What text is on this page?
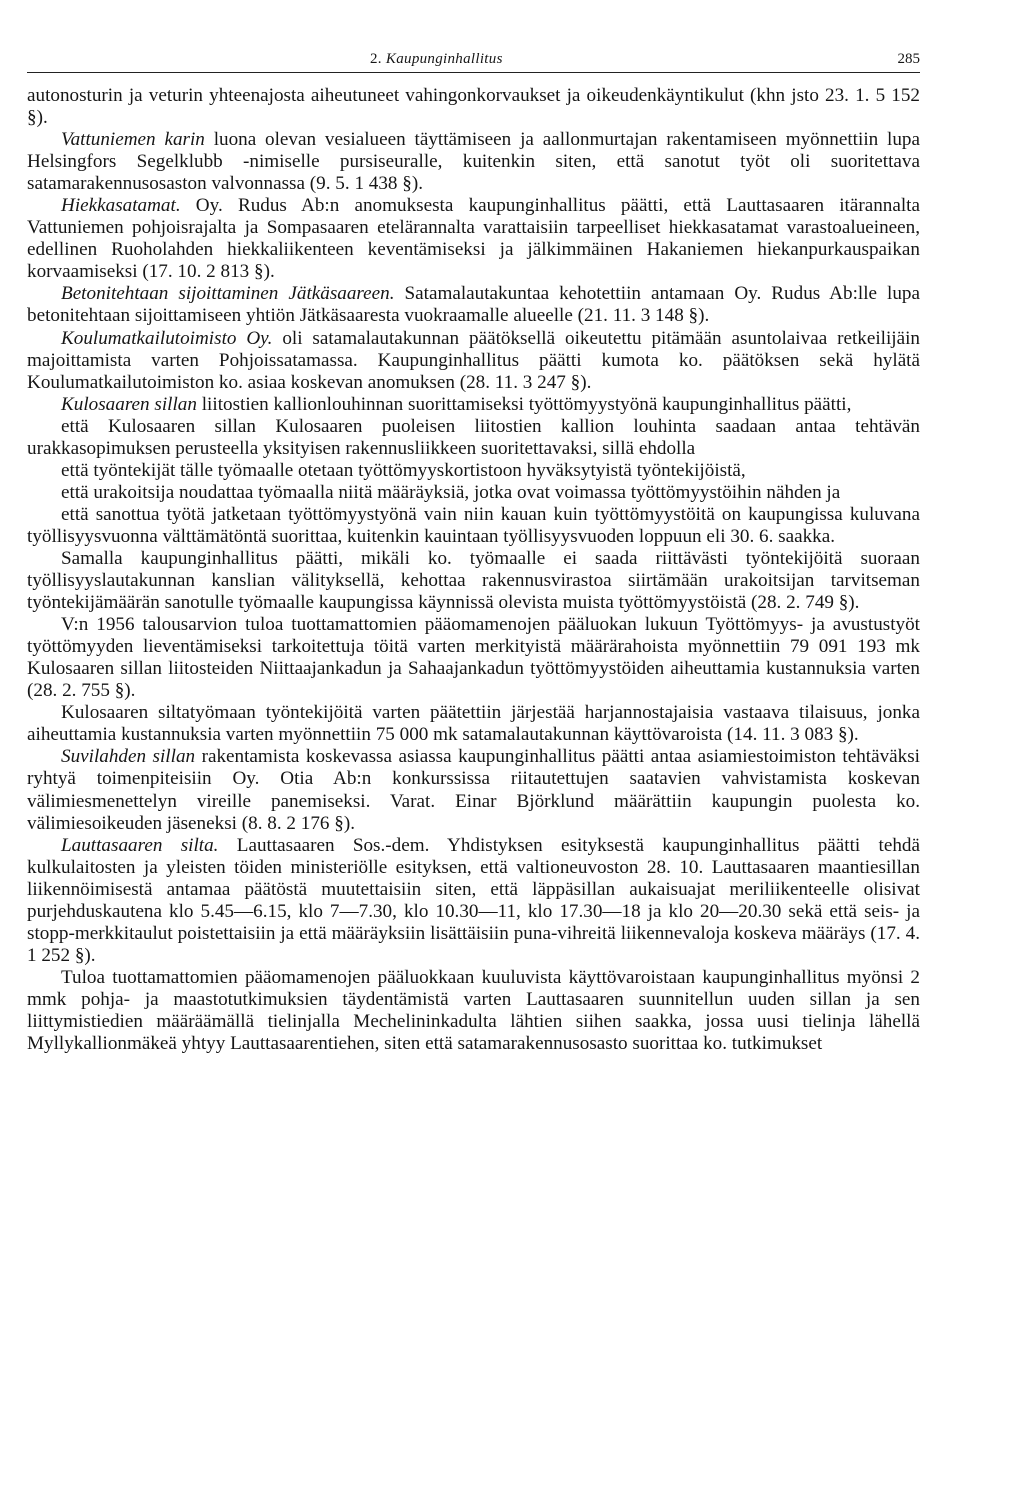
2. Kaupunginhallitus	285

autonosturin ja veturin yhteenajosta aiheutuneet vahingonkorvaukset ja oikeudenkäyntikulut (khn jsto 23. 1. 5 152 §).

Vattuniemen karin luona olevan vesialueen täyttämiseen ja aallonmurtajan rakentamiseen myönnettiin lupa Helsingfors Segelklubb -nimiselle pursiseuralle, kuitenkin siten, että sanotut työt oli suoritettava satamarakennusosaston valvonnassa (9. 5. 1 438 §).

Hiekkasatamat. Oy. Rudus Ab:n anomuksesta kaupunginhallitus päätti, että Lauttasaaren itärannalta Vattuniemen pohjoisrajalta ja Sompasaaren etelärannalta varattaisiin tarpeelliset hiekkasatamat varastoalueineen, edellinen Ruoholahden hiekkaliikenteen keventämiseksi ja jälkimmäinen Hakaniemen hiekanpurkauspaikan korvaamiseksi (17. 10. 2 813 §).

Betonitehtaan sijoittaminen Jätkäsaareen. Satamalautakuntaa kehotettiin antamaan Oy. Rudus Ab:lle lupa betonitehtaan sijoittamiseen yhtiön Jätkäsaaresta vuokraamalle alueelle (21. 11. 3 148 §).

Koulumatkailutoimisto Oy. oli satamalautakunnan päätöksellä oikeutettu pitämään asuntolaivaa retkeilijäin majoittamista varten Pohjoissatamassa. Kaupunginhallitus päätti kumota ko. päätöksen sekä hylätä Koulumatkailutoimiston ko. asiaa koskevan anomuksen (28. 11. 3 247 §).

Kulosaaren sillan liitostien kallionlouhinnan suorittamiseksi työttömyystyönä kaupunginhallitus päätti,

että Kulosaaren sillan Kulosaaren puoleisen liitostien kallion louhinta saadaan antaa tehtävän urakkasopimuksen perusteella yksityisen rakennusliikkeen suoritettavaksi, sillä ehdolla

että työntekijät tälle työmaalle otetaan työttömyyskortistoon hyväksytyistä työntekijöistä,

että urakoitsija noudattaa työmaalla niitä määräyksiä, jotka ovat voimassa työttömyystöihin nähden ja

että sanottua työtä jatketaan työttömyystyönä vain niin kauan kuin työttömyystöitä on kaupungissa kuluvana työllisyysvuonna välttämätöntä suorittaa, kuitenkin kauintaan työllisyysvuoden loppuun eli 30. 6. saakka.

Samalla kaupunginhallitus päätti, mikäli ko. työmaalle ei saada riittävästi työntekijöitä suoraan työllisyyslautakunnan kanslian välityksellä, kehottaa rakennusvirastoa siirtämään urakoitsijan tarvitseman työntekijämäärän sanotulle työmaalle kaupungissa käynnissä olevista muista työttömyystöistä (28. 2. 749 §).

V:n 1956 talousarvion tuloa tuottamattomien pääomamenojen pääluokan lukuun Työttömyys- ja avustustyöt työttömyyden lieventämiseksi tarkoitettuja töitä varten merkityistä määrärahoista myönnettiin 79 091 193 mk Kulosaaren sillan liitosteiden Niittaajankadun ja Sahaajankadun työttömyystöiden aiheuttamia kustannuksia varten (28. 2. 755 §).

Kulosaaren siltatyömaan työntekijöitä varten päätettiin järjestää harjannostajaisia vastaava tilaisuus, jonka aiheuttamia kustannuksia varten myönnettiin 75 000 mk satamalautakunnan käyttövaroista (14. 11. 3 083 §).

Suvilahden sillan rakentamista koskevassa asiassa kaupunginhallitus päätti antaa asiamiestoimiston tehtäväksi ryhtyä toimenpiteisiin Oy. Otia Ab:n konkurssissa riitautettujen saatavien vahvistamista koskevan välimiesmenettelyn vireille panemiseksi. Varat. Einar Björklund määrättiin kaupungin puolesta ko. välimiesoikeuden jäseneksi (8. 8. 2 176 §).

Lauttasaaren silta. Lauttasaaren Sos.-dem. Yhdistyksen esityksestä kaupunginhallitus päätti tehdä kulkulaitosten ja yleisten töiden ministeriölle esityksen, että valtioneuvoston 28. 10. Lauttasaaren maantiesillan liikennöimisestä antamaa päätöstä muutettaisiin siten, että läppäsillan aukaisuajat meriliikenteelle olisivat purjehduskautena klo 5.45—6.15, klo 7—7.30, klo 10.30—11, klo 17.30—18 ja klo 20—20.30 sekä että seis- ja stopp-merkkitaulut poistettaisiin ja että määräyksiin lisättäisiin puna-vihreitä liikennevaloja koskeva määräys (17. 4. 1 252 §).

Tuloa tuottamattomien pääomamenojen pääluokkaan kuuluvista käyttövaroistaan kaupunginhallitus myönsi 2 mmk pohja- ja maastotutkimuksien täydentämistä varten Lauttasaaren suunnitellun uuden sillan ja sen liittymistiedien määräämällä tielinjalla Mechelininkadulta lähtien siihen saakka, jossa uusi tielinja lähellä Myllykallionmäkeä yhtyy Lauttasaarentiehen, siten että satamarakennusosasto suorittaa ko. tutkimukset
